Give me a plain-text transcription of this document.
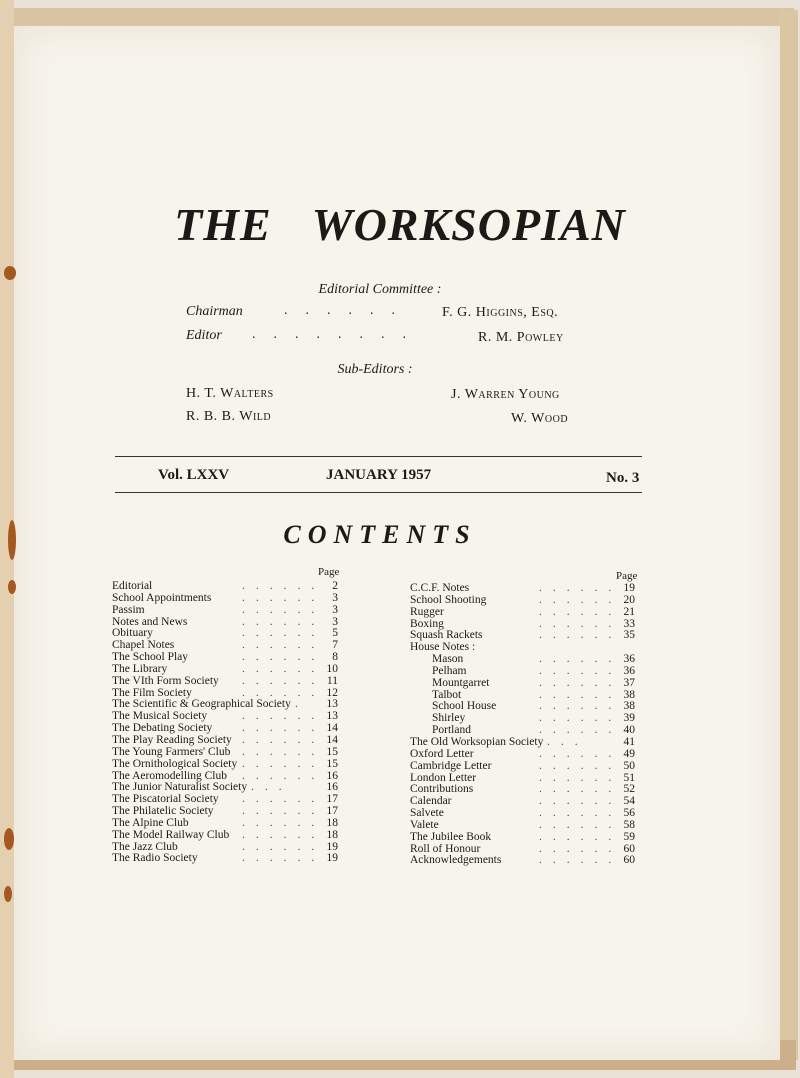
THE WORKSOPIAN
Editorial Committee :
Chairman	...... F. G. Higgins, Esq.
Editor ........	R. M. Powley
Sub-Editors :
H. T. Walters	J. Warren Young
R. B. B. Wild	W. Wood
Vol. LXXV	JANUARY 1957	No. 3
CONTENTS
Page	Page
Editorial	...... 2
School Appointments	...... 3
Passim	...... 3
Notes and News	...... 3
Obituary	...... 5
Chapel Notes	...... 7
The School Play	...... 8
The Library	...... 10
The VIth Form Society ...... 11
The Film Society	...... 12
The Scientific & Geographical Society .	13
The Musical Society	...... 13
The Debating Society	...... 14
The Play Reading Society ...... 14
The Young Farmers' Club ...... 15
The Ornithological Society ...... 15
The Aeromodelling Club ...... 16
The Junior Naturalist Society ...	16
The Piscatorial Society ...... 17
The Philatelic Society ...... 17
The Alpine Club	...... 18
The Model Railway Club ...... 18
The Jazz Club	...... 19
The Radio Society	...... 19
C.C.F. Notes	...... 19
School Shooting	...... 20
Rugger	...... 21
Boxing	...... 33
Squash Rackets	...... 35
House Notes :
Mason	...... 36
Pelham	...... 36
Mountgarret	...... 37
Talbot	...... 38
School House	...... 38
Shirley	...... 39
Portland	...... 40
The Old Worksopian Society ...	41
Oxford Letter	...... 49
Cambridge Letter	...... 50
London Letter	...... 51
Contributions	...... 52
Calendar	...... 54
Salvete	...... 56
Valete	...... 58
The Jubilee Book	...... 59
Roll of Honour	...... 60
Acknowledgements	...... 60
